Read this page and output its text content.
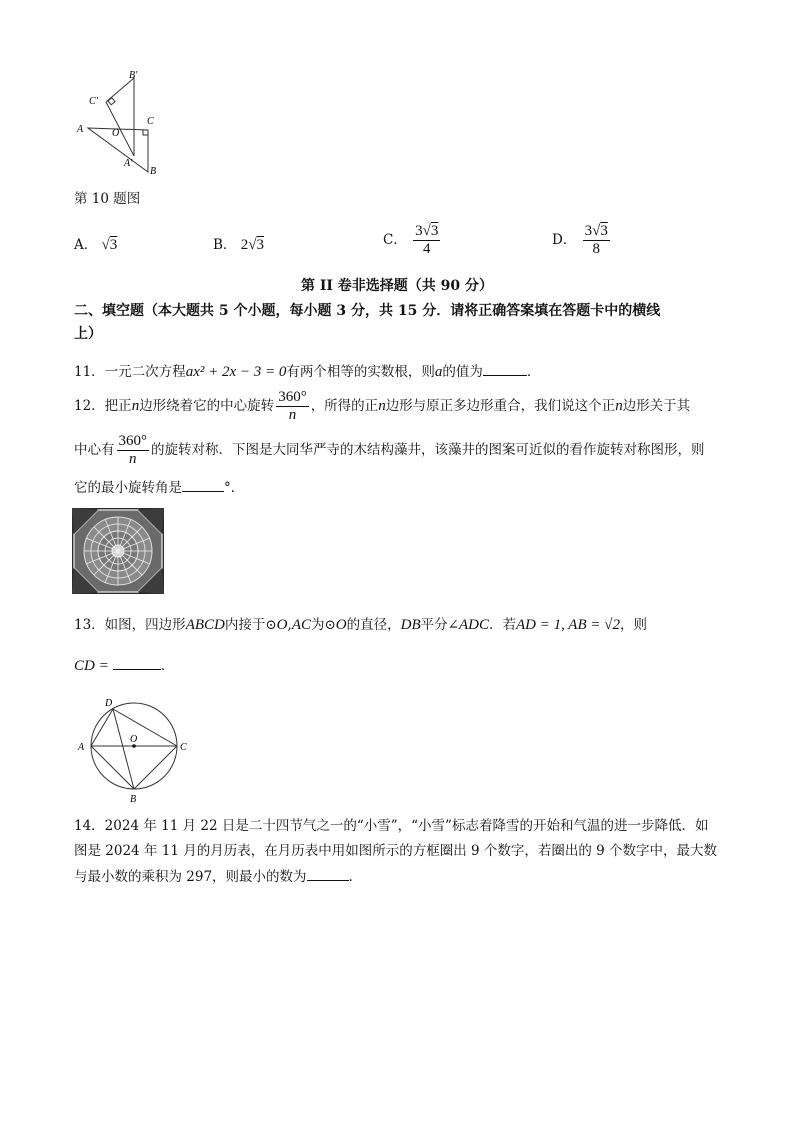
B′
C′
A	O
C
A′
B
第 10 题图
A． √3	B． 2√3	C． $\frac{3√3}{4}$	D． $\frac{3√3}{8}$
第 II 卷非选择题（共 90 分）
二、填空题（本大题共 5 个小题，每小题 3 分，共 15 分．请将正确答案填在答题卡中的横线
上）
11．一元二次方程ax² + 2x − 3 = 0有两个相等的实数根，则a的值为	．
12．把正n边形绕着它的中心旋转 $\frac{360^\circ}{n}$ ，所得的正n边形与原正多边形重合，我们说这个正n边形关于其
中心有 $\frac{360^\circ}{n}$ 的旋转对称．下图是大同华严寺的木结构藻井，该藻井的图案可近似的看作旋转对称图形，则
它的最小旋转角是	°．
13．如图，四边形ABCD内接于⊙O,AC为⊙O的直径，DB平分∠ADC．若AD = 1, AB = √2，则
CD =	．
D
A
O
C
B
14．2024 年 11 月 22 日是二十四节气之一的“小雪”，“小雪”标志着降雪的开始和气温的进一步降低．如
图是 2024 年 11 月的月历表，在月历表中用如图所示的方框圈出 9 个数字，若圈出的 9 个数字中，最大数
与最小数的乘积为 297，则最小的数为	．
